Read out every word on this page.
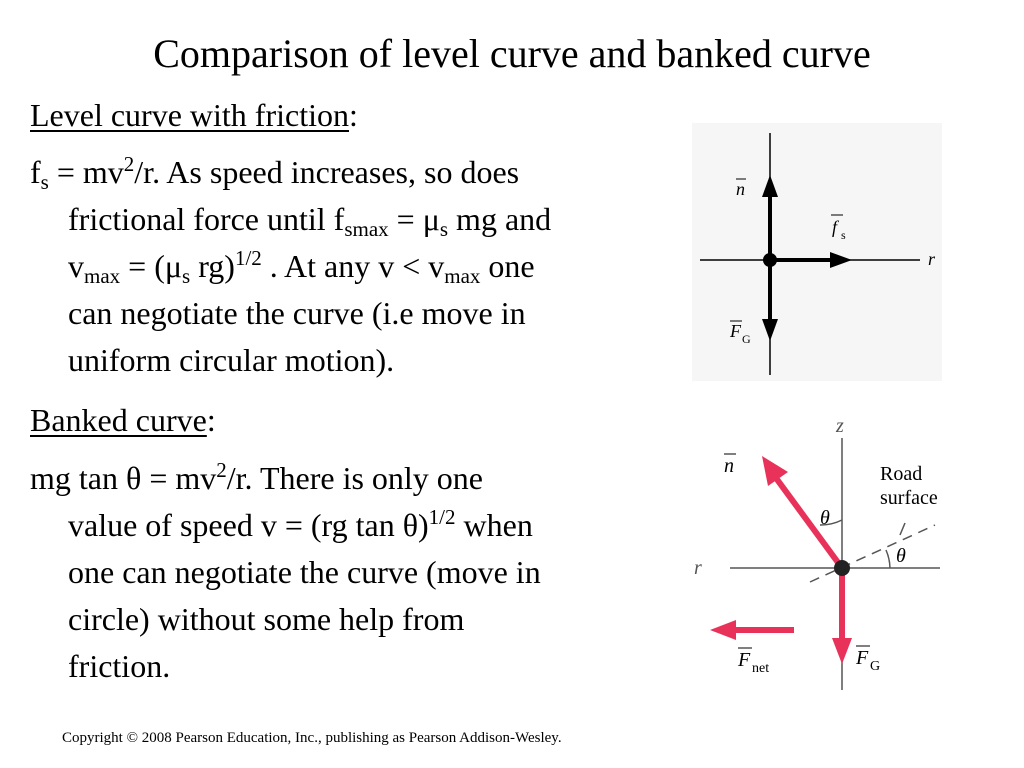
Comparison of level curve and banked curve
Level curve with friction:
$f_s = mv^2/r$. As speed increases, so does
frictional force until $f_{smax} = \mu_s$ mg and
$v_{max} = (\mu_s$ rg)$^{1/2}$ . At any $v < v_{max}$ one
can negotiate the curve (i.e move in
uniform circular motion).
Banked curve:
mg $\tan \theta = mv^2/r$. There is only one
value of speed v = (rg tan θ)$^{1/2}$ when
one can negotiate the curve (move in
circle) without some help from
friction.
n
f s
F G
r
z
r
n
θ
θ
Road
surface
F G
F net
Copyright © 2008 Pearson Education, Inc., publishing as Pearson Addison-Wesley.
